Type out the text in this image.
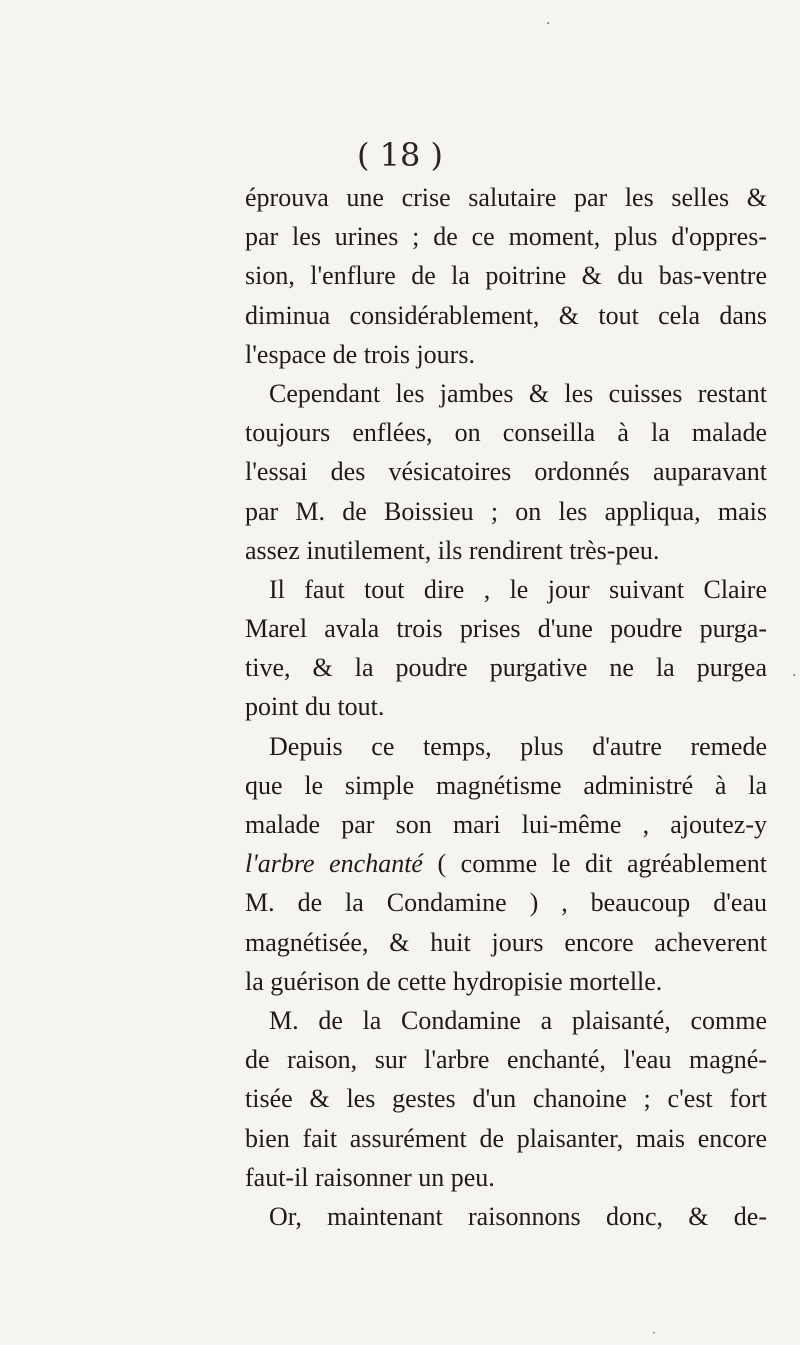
( 18 )
éprouva une crise salutaire par les selles &
par les urines ; de ce moment, plus d'oppres-
sion, l'enflure de la poitrine & du bas-ventre
diminua considérablement, & tout cela dans
l'espace de trois jours.
Cependant les jambes & les cuisses restant
toujours enflées, on conseilla à la malade
l'essai des vésicatoires ordonnés auparavant
par M. de Boissieu ; on les appliqua, mais
assez inutilement, ils rendirent très-peu.
Il faut tout dire , le jour suivant Claire
Marel avala trois prises d'une poudre purga-
tive, & la poudre purgative ne la purgea
point du tout.
Depuis ce temps, plus d'autre remede
que le simple magnétisme administré à la
malade par son mari lui-même , ajoutez-y
l'arbre enchanté ( comme le dit agréablement
M. de la Condamine ) , beaucoup d'eau
magnétisée, & huit jours encore acheverent
la guérison de cette hydropisie mortelle.
M. de la Condamine a plaisanté, comme
de raison, sur l'arbre enchanté, l'eau magné-
tisée & les gestes d'un chanoine ; c'est fort
bien fait assurément de plaisanter, mais encore
faut-il raisonner un peu.
Or, maintenant raisonnons donc, & de-
·
·
·
